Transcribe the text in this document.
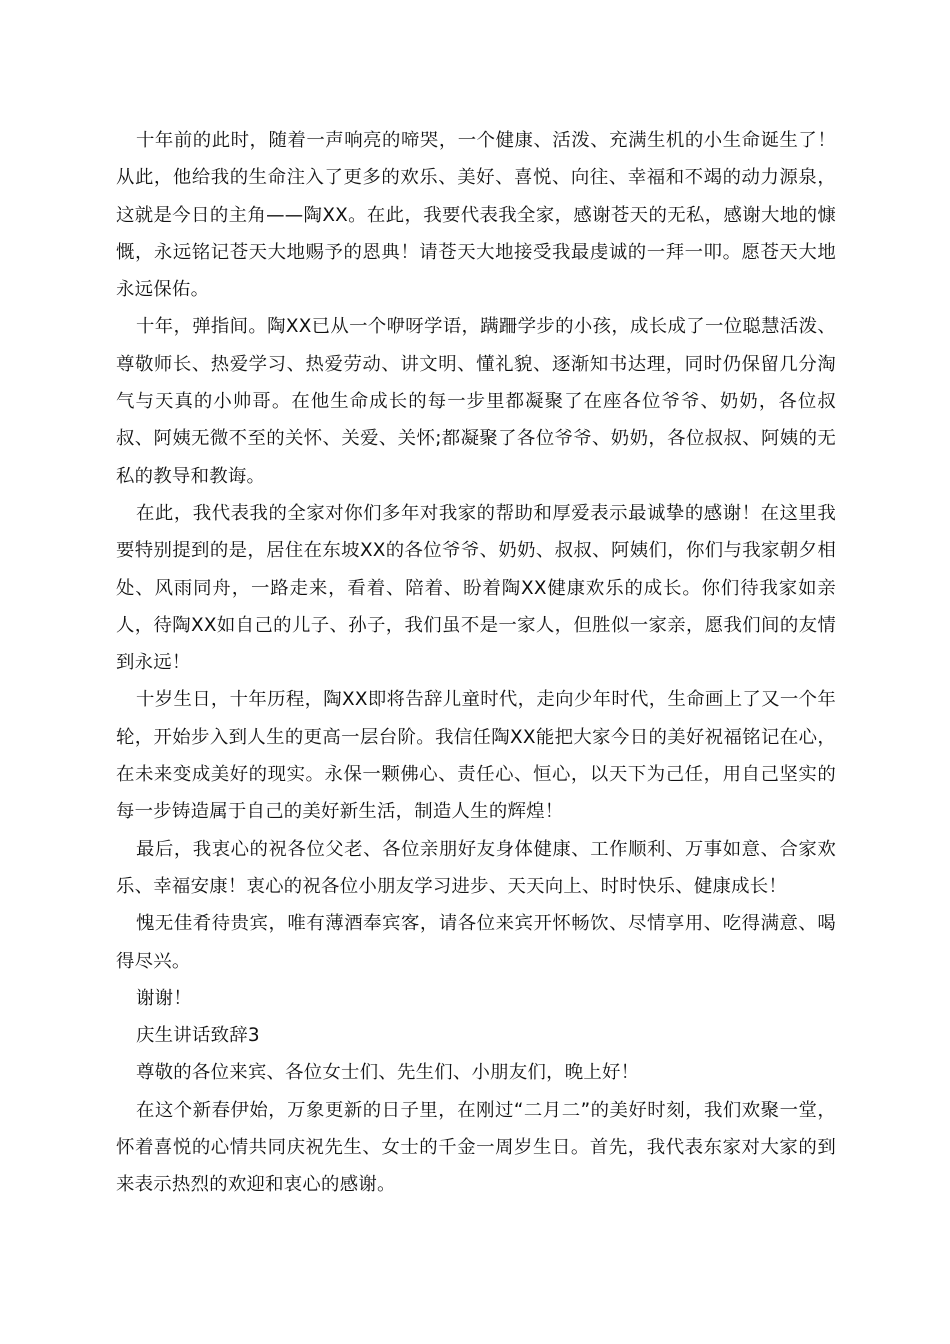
十年前的此时，随着一声响亮的啼哭，一个健康、活泼、充满生机的小生命诞生了！从此，他给我的生命注入了更多的欢乐、美好、喜悦、向往、幸福和不竭的动力源泉，这就是今日的主角——陶XX。在此，我要代表我全家，感谢苍天的无私，感谢大地的慷慨，永远铭记苍天大地赐予的恩典！请苍天大地接受我最虔诚的一拜一叩。愿苍天大地永远保佑。

十年，弹指间。陶XX已从一个咿呀学语，蹒跚学步的小孩，成长成了一位聪慧活泼、尊敬师长、热爱学习、热爱劳动、讲文明、懂礼貌、逐渐知书达理，同时仍保留几分淘气与天真的小帅哥。在他生命成长的每一步里都凝聚了在座各位爷爷、奶奶，各位叔叔、阿姨无微不至的关怀、关爱、关怀;都凝聚了各位爷爷、奶奶，各位叔叔、阿姨的无私的教导和教诲。

在此，我代表我的全家对你们多年对我家的帮助和厚爱表示最诚挚的感谢！在这里我要特别提到的是，居住在东坡XX的各位爷爷、奶奶、叔叔、阿姨们，你们与我家朝夕相处、风雨同舟，一路走来，看着、陪着、盼着陶XX健康欢乐的成长。你们待我家如亲人，待陶XX如自己的儿子、孙子，我们虽不是一家人，但胜似一家亲，愿我们间的友情到永远！

十岁生日，十年历程，陶XX即将告辞儿童时代，走向少年时代，生命画上了又一个年轮，开始步入到人生的更高一层台阶。我信任陶XX能把大家今日的美好祝福铭记在心，在未来变成美好的现实。永保一颗佛心、责任心、恒心，以天下为己任，用自己坚实的每一步铸造属于自己的美好新生活，制造人生的辉煌！

最后，我衷心的祝各位父老、各位亲朋好友身体健康、工作顺利、万事如意、合家欢乐、幸福安康！衷心的祝各位小朋友学习进步、天天向上、时时快乐、健康成长！

愧无佳肴待贵宾，唯有薄酒奉宾客，请各位来宾开怀畅饮、尽情享用、吃得满意、喝得尽兴。

谢谢！

庆生讲话致辞3

尊敬的各位来宾、各位女士们、先生们、小朋友们，晚上好！

在这个新春伊始，万象更新的日子里，在刚过“二月二”的美好时刻，我们欢聚一堂，怀着喜悦的心情共同庆祝先生、女士的千金一周岁生日。首先，我代表东家对大家的到来表示热烈的欢迎和衷心的感谢。
